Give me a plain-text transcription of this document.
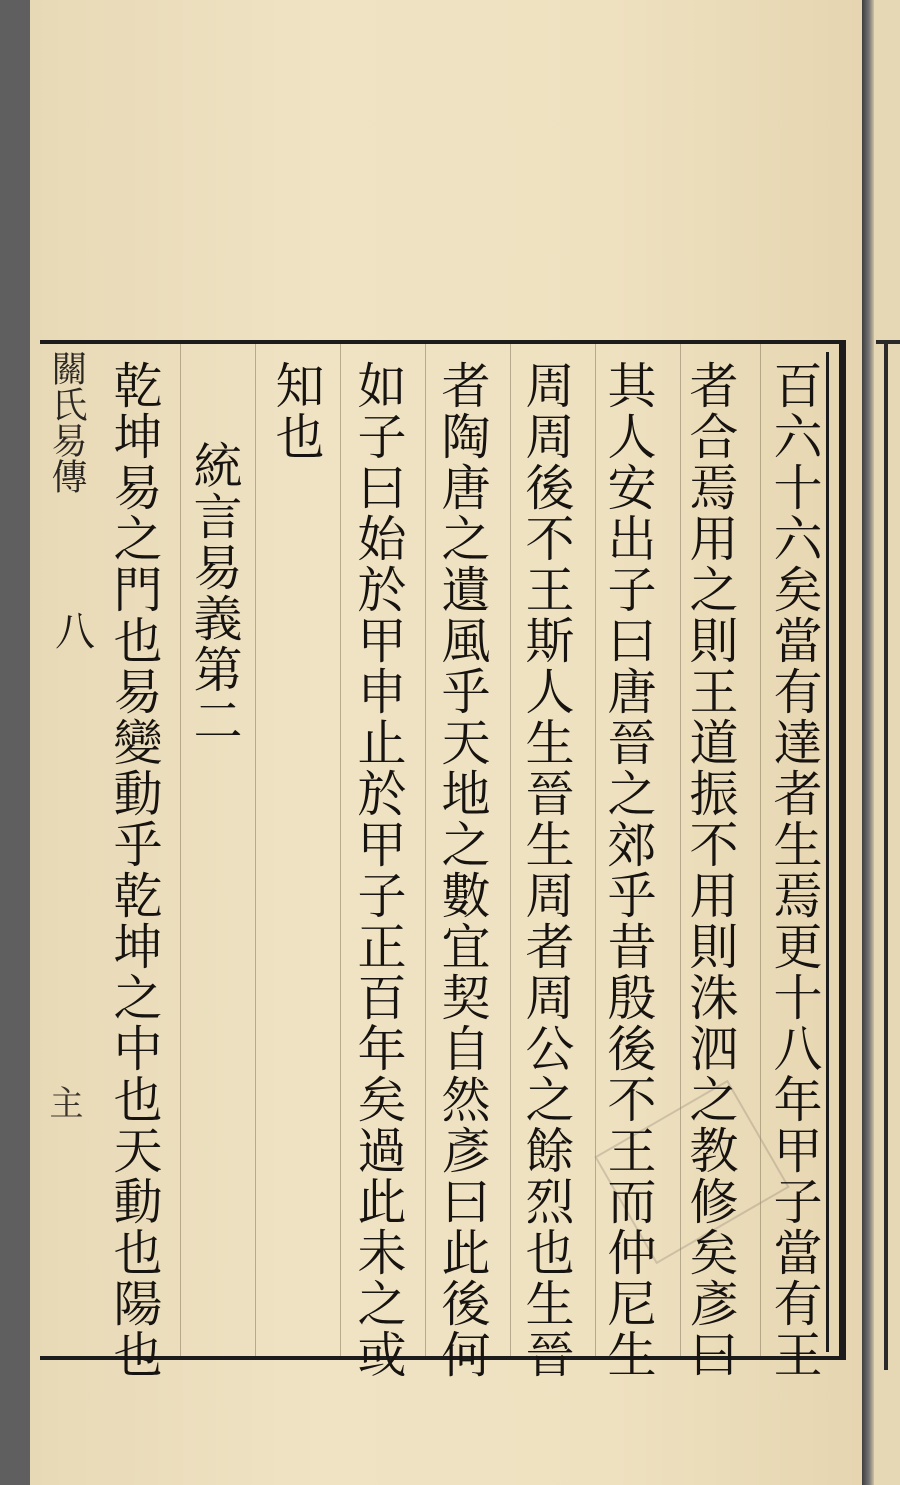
關氏易傳
八
主	百六十六矣當有達者生焉更十八年甲子當有王
者合焉用之則王道振不用則洙泗之教修矣彥曰
其人安出子曰唐晉之郊乎昔殷後不王而仲尼生
周周後不王斯人生晉生周者周公之餘烈也生晉
者陶唐之遺風乎天地之數宜契自然彥曰此後何
如子曰始於甲申止於甲子正百年矣過此未之或
知也
統言易義第二
乾坤易之門也易變動乎乾坤之中也天動也陽也
